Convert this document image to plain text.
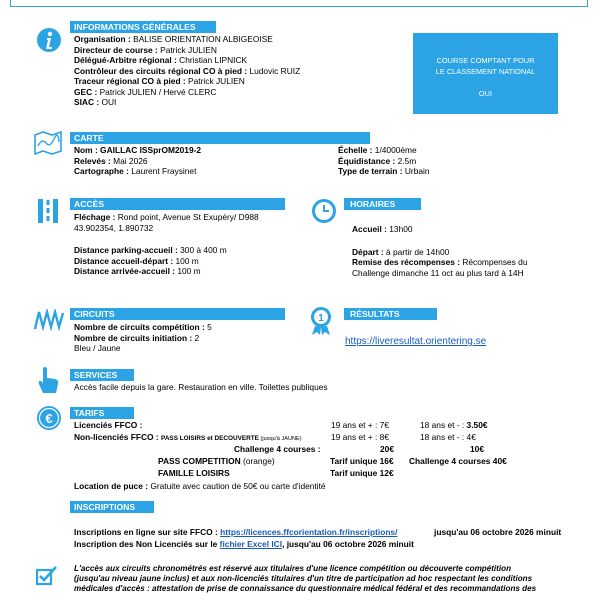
INFORMATIONS GÉNÉRALES
Organisation : BALISE ORIENTATION ALBIGEOISE
Directeur de course : Patrick JULIEN
Délégué-Arbitre régional : Christian LIPNICK
Contrôleur des circuits régional CO à pied : Ludovic RUIZ
Traceur régional CO à pied : Patrick JULIEN
GEC : Patrick JULIEN / Hervé CLERC
SIAC : OUI
COURSE COMPTANT POUR
LE CLASSEMENT NATIONAL
OUI
CARTE
Nom : GAILLAC ISSprOM2019-2
Relevés : Mai 2026
Cartographe : Laurent Fraysinet
Échelle : 1/4000ème
Équidistance : 2.5m
Type de terrain : Urbain
ACCÈS
Fléchage : Rond point, Avenue St Exupéry/ D988
43.902354, 1.890732
Distance parking-accueil : 300 à 400 m
Distance accueil-départ : 100 m
Distance arrivée-accueil : 100 m
HORAIRES
Accueil : 13h00
Départ : à partir de 14h00
Remise des récompenses : Récompenses du
Challenge dimanche 11 oct au plus tard à 14H
CIRCUITS
Nombre de circuits compétition : 5
Nombre de circuits initiation : 2
Bleu / Jaune
1	RÉSULTATS
https://liveresultat.orientering.se
SERVICES
Accès facile depuis la gare. Restauration en ville. Toilettes publiques
€	TARIFS
Licenciés FFCO :	19 ans et + : 7€	18 ans et - : 3.50€
Non-licenciés FFCO : PASS LOISIRS et DECOUVERTE (jusqu'à JAUNE)	19 ans et + : 8€	18 ans et - : 4€
Challenge 4 courses :	20€	10€
PASS COMPETITION (orange)	Tarif unique 16€ Challenge 4 courses 40€
FAMILLE LOISIRS	Tarif unique 12€
Location de puce : Gratuite avec caution de 50€ ou carte d'identité
INSCRIPTIONS
Inscriptions en ligne sur site FFCO : https://licences.ffcorientation.fr/inscriptions/	jusqu'au 06 octobre 2026 minuit
Inscription des Non Licenciés sur le fichier Excel ICI, jusqu'au 06 octobre 2026 minuit
L'accès aux circuits chronométrés est réservé aux titulaires d'une licence compétition ou découverte compétition
(jusqu'au niveau jaune inclus) et aux non-licenciés titulaires d'un titre de participation ad hoc respectant les conditions
médicales d'accès : attestation de prise de connaissance du questionnaire médical fédéral et des recommandations des
